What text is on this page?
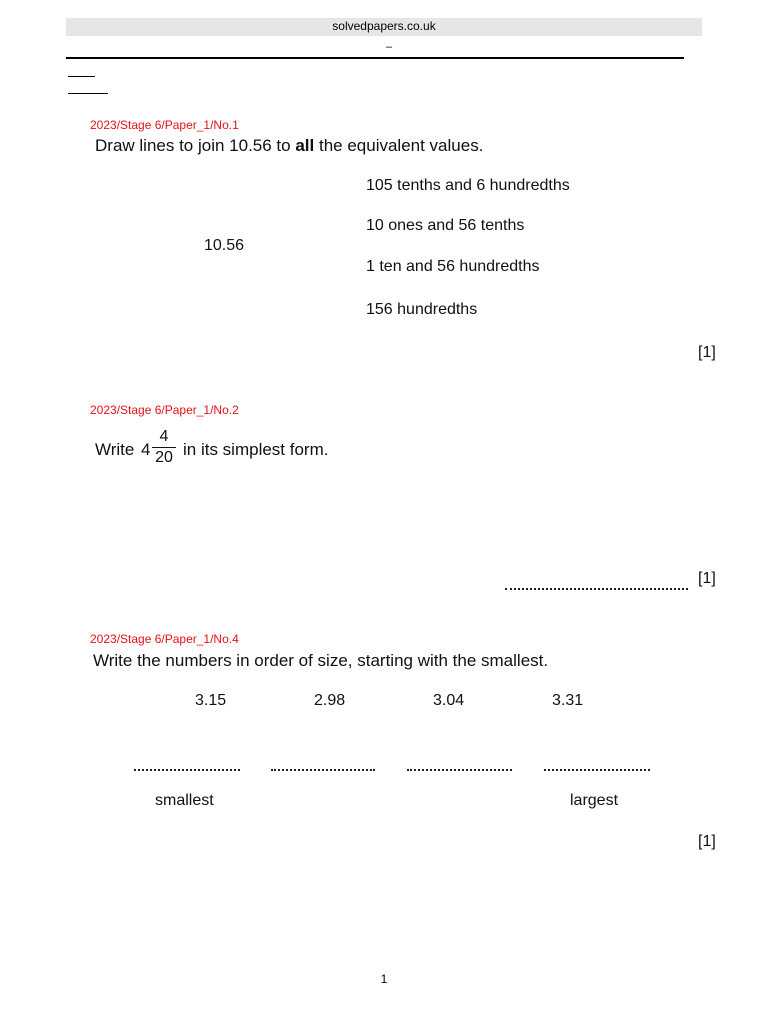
solvedpapers.co.uk
–
2023/Stage 6/Paper_1/No.1
Draw lines to join 10.56 to all the equivalent values.
10.56
105 tenths and 6 hundredths
10 ones and 56 tenths
1 ten and 56 hundredths
156 hundredths
[1]
2023/Stage 6/Paper_1/No.2
Write 4
4
20 in its simplest form.
[1]
2023/Stage 6/Paper_1/No.4
Write the numbers in order of size, starting with the smallest.
3.15	2.98	3.04	3.31
smallest	largest
[1]
1
